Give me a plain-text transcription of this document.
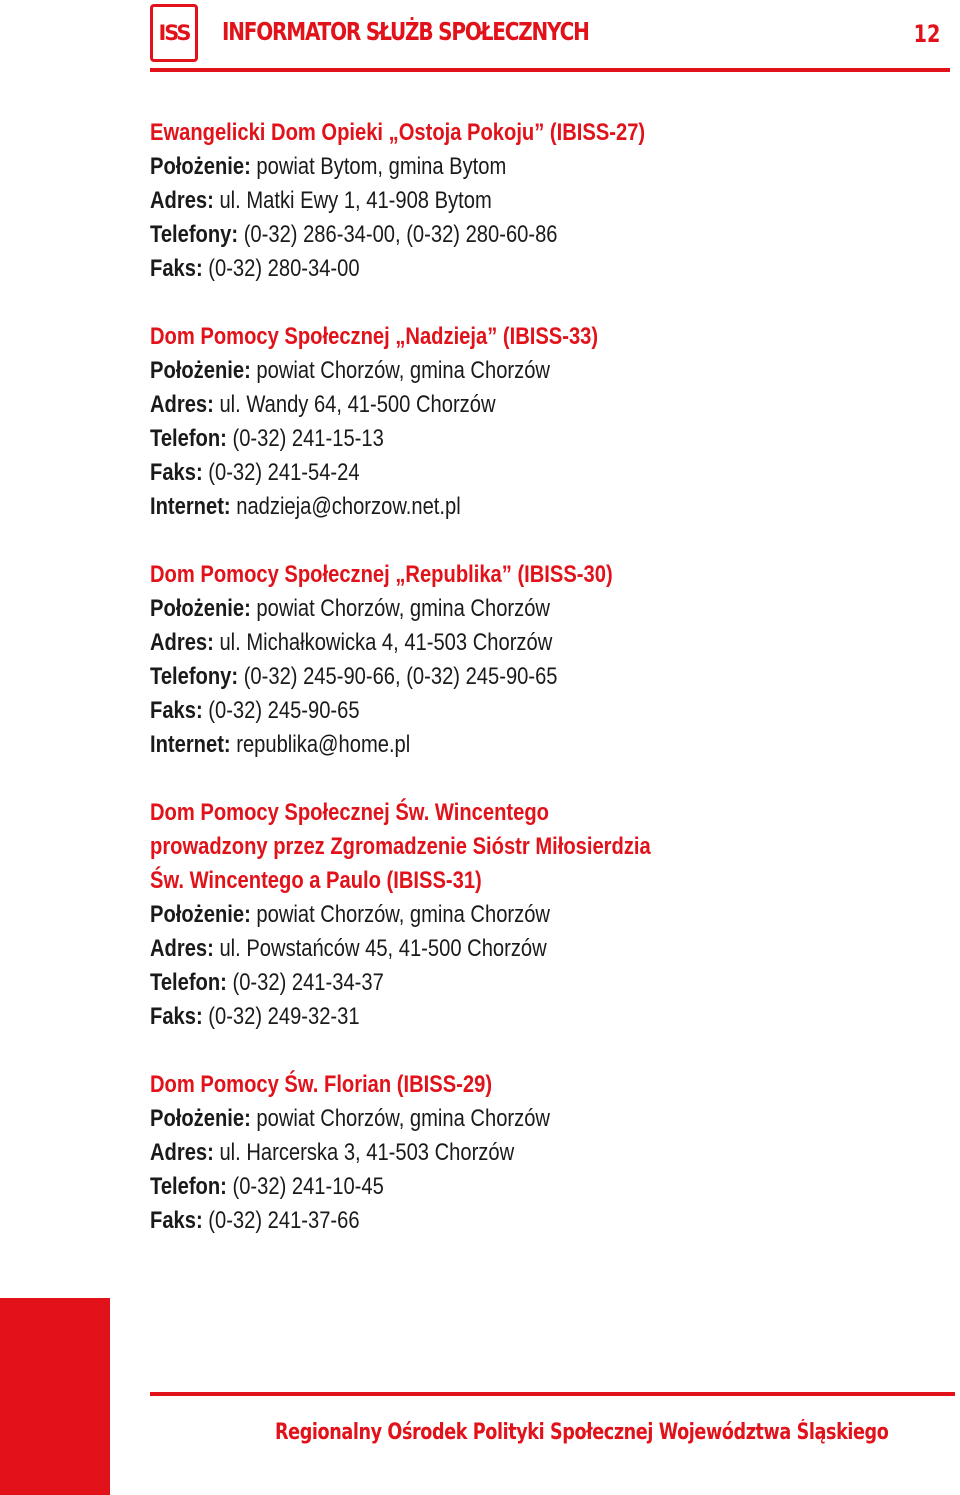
ISS	INFORMATOR SŁUŻB SPOŁECZNYCH	12
Ewangelicki Dom Opieki „Ostoja Pokoju” (IBISS-27)
Położenie: powiat Bytom, gmina Bytom
Adres: ul. Matki Ewy 1, 41-908 Bytom
Telefony: (0-32) 286-34-00, (0-32) 280-60-86
Faks: (0-32) 280-34-00
Dom Pomocy Społecznej „Nadzieja” (IBISS-33)
Położenie: powiat Chorzów, gmina Chorzów
Adres: ul. Wandy 64, 41-500 Chorzów
Telefon: (0-32) 241-15-13
Faks: (0-32) 241-54-24
Internet: nadzieja@chorzow.net.pl
Dom Pomocy Społecznej „Republika” (IBISS-30)
Położenie: powiat Chorzów, gmina Chorzów
Adres: ul. Michałkowicka 4, 41-503 Chorzów
Telefony: (0-32) 245-90-66, (0-32) 245-90-65
Faks: (0-32) 245-90-65
Internet: republika@home.pl
Dom Pomocy Społecznej Św. Wincentego
prowadzony przez Zgromadzenie Sióstr Miłosierdzia
Św. Wincentego a Paulo (IBISS-31)
Położenie: powiat Chorzów, gmina Chorzów
Adres: ul. Powstańców 45, 41-500 Chorzów
Telefon: (0-32) 241-34-37
Faks: (0-32) 249-32-31
Dom Pomocy Św. Florian (IBISS-29)
Położenie: powiat Chorzów, gmina Chorzów
Adres: ul. Harcerska 3, 41-503 Chorzów
Telefon: (0-32) 241-10-45
Faks: (0-32) 241-37-66
Regionalny Ośrodek Polityki Społecznej Województwa Śląskiego
